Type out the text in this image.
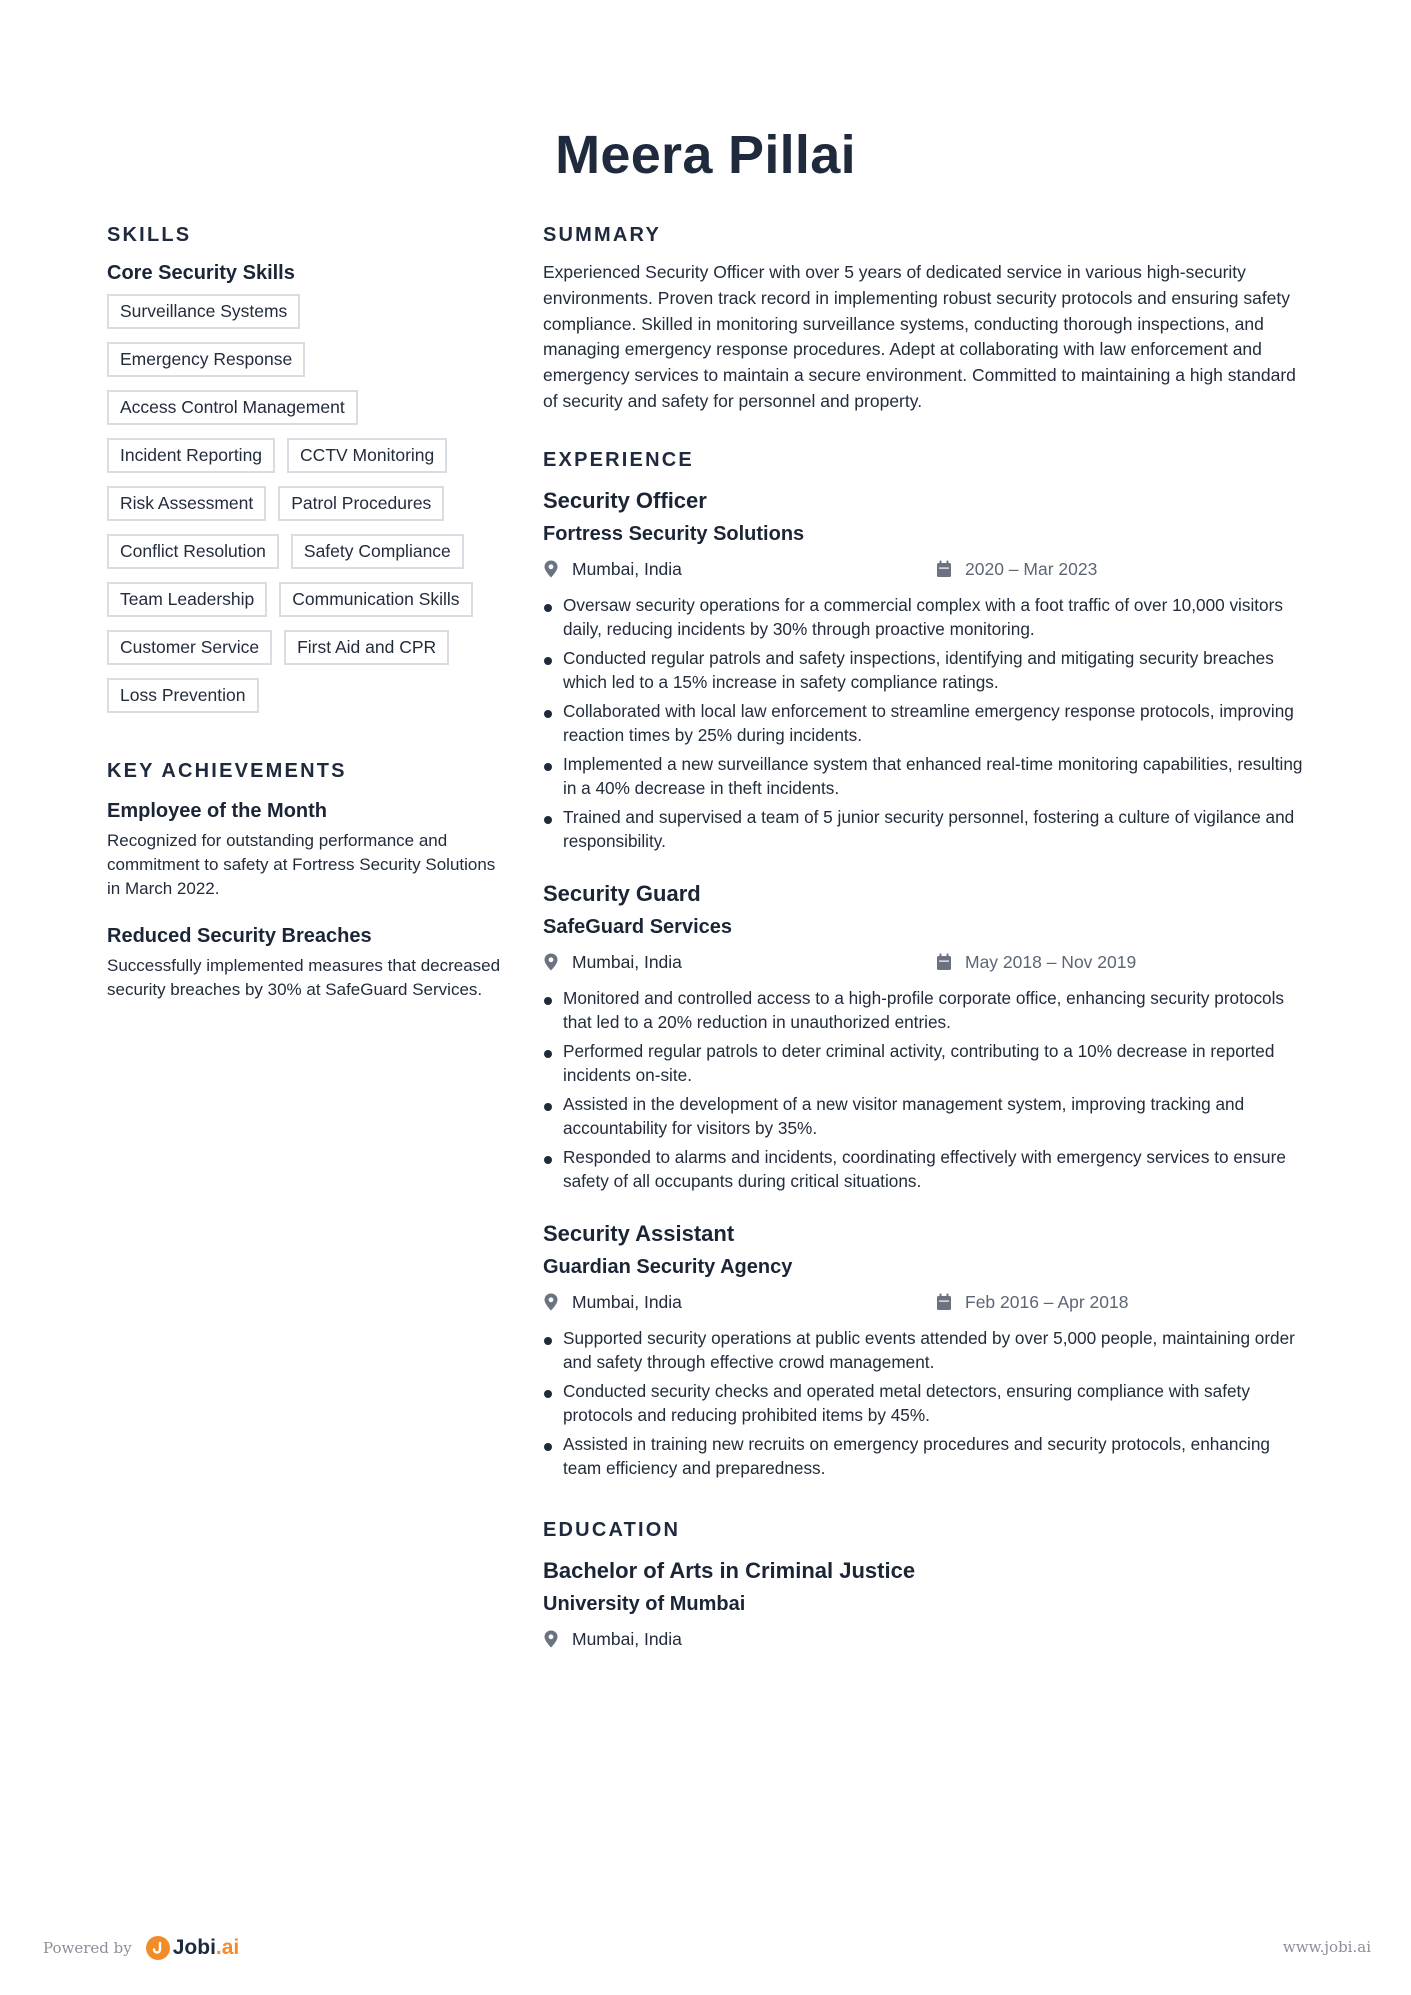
Meera Pillai
SKILLS
Core Security Skills
Surveillance Systems
Emergency Response
Access Control Management
Incident Reporting	CCTV Monitoring
Risk Assessment	Patrol Procedures
Conflict Resolution	Safety Compliance
Team Leadership	Communication Skills
Customer Service	First Aid and CPR
Loss Prevention
KEY ACHIEVEMENTS
Employee of the Month
Recognized for outstanding performance and commitment to safety at Fortress Security Solutions in March 2022.
Reduced Security Breaches
Successfully implemented measures that decreased security breaches by 30% at SafeGuard Services.
SUMMARY
Experienced Security Officer with over 5 years of dedicated service in various high-security environments. Proven track record in implementing robust security protocols and ensuring safety compliance. Skilled in monitoring surveillance systems, conducting thorough inspections, and managing emergency response procedures. Adept at collaborating with law enforcement and emergency services to maintain a secure environment. Committed to maintaining a high standard of security and safety for personnel and property.
EXPERIENCE
Security Officer
Fortress Security Solutions
Mumbai, India	2020 – Mar 2023
Oversaw security operations for a commercial complex with a foot traffic of over 10,000 visitors daily, reducing incidents by 30% through proactive monitoring.
Conducted regular patrols and safety inspections, identifying and mitigating security breaches which led to a 15% increase in safety compliance ratings.
Collaborated with local law enforcement to streamline emergency response protocols, improving reaction times by 25% during incidents.
Implemented a new surveillance system that enhanced real-time monitoring capabilities, resulting in a 40% decrease in theft incidents.
Trained and supervised a team of 5 junior security personnel, fostering a culture of vigilance and responsibility.
Security Guard
SafeGuard Services
Mumbai, India	May 2018 – Nov 2019
Monitored and controlled access to a high-profile corporate office, enhancing security protocols that led to a 20% reduction in unauthorized entries.
Performed regular patrols to deter criminal activity, contributing to a 10% decrease in reported incidents on-site.
Assisted in the development of a new visitor management system, improving tracking and accountability for visitors by 35%.
Responded to alarms and incidents, coordinating effectively with emergency services to ensure safety of all occupants during critical situations.
Security Assistant
Guardian Security Agency
Mumbai, India	Feb 2016 – Apr 2018
Supported security operations at public events attended by over 5,000 people, maintaining order and safety through effective crowd management.
Conducted security checks and operated metal detectors, ensuring compliance with safety protocols and reducing prohibited items by 45%.
Assisted in training new recruits on emergency procedures and security protocols, enhancing team efficiency and preparedness.
EDUCATION
Bachelor of Arts in Criminal Justice
University of Mumbai
Mumbai, India
Powered by Jobi.ai	www.jobi.ai
